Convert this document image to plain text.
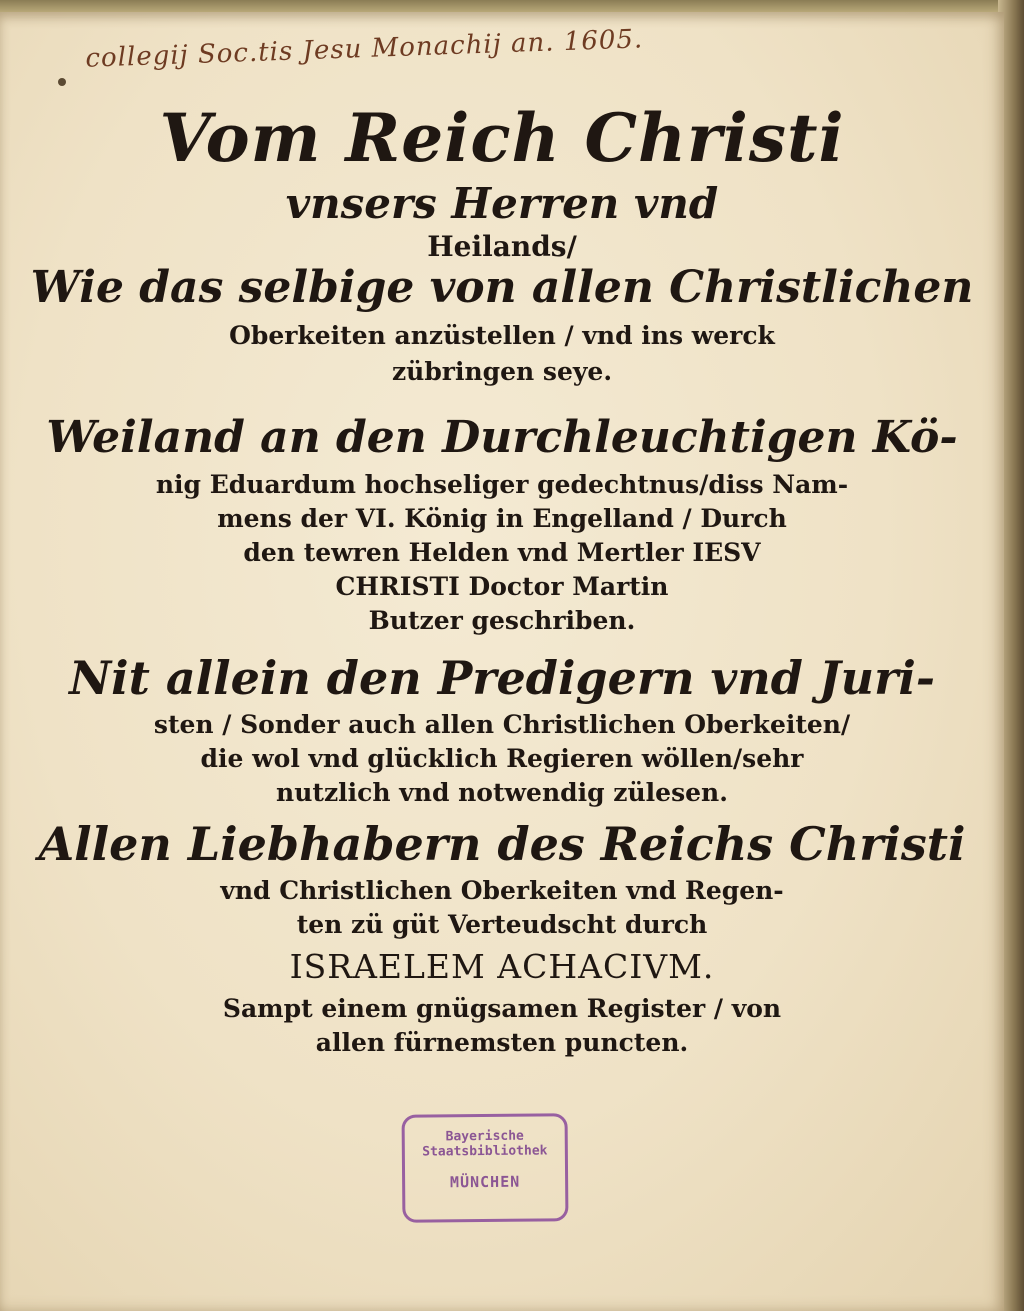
collegij Soc.tis Jesu Monachij an. 1605.
Vom Reich Christi
vnsers Herren vnd
Heilands/
Wie das selbige von allen Christlichen
Oberkeiten anzüstellen / vnd ins werck
zübringen seye.
Weiland an den Durchleuchtigen Kö-
nig Eduardum hochseliger gedechtnus/diss Nam-
mens der VI. König in Engelland / Durch
den tewren Helden vnd Mertler IESV
CHRISTI Doctor Martin
Butzer geschriben.
Nit allein den Predigern vnd Juri-
sten / Sonder auch allen Christlichen Oberkeiten/
die wol vnd glücklich Regieren wöllen/sehr
nutzlich vnd notwendig zülesen.
Allen Liebhabern des Reichs Christi
vnd Christlichen Oberkeiten vnd Regen-
ten zü güt Verteudscht durch
ISRAELEM ACHACIVM.
Sampt einem gnügsamen Register / von
allen fürnemsten puncten.
Bayerische
Staatsbibliothek
MÜNCHEN
